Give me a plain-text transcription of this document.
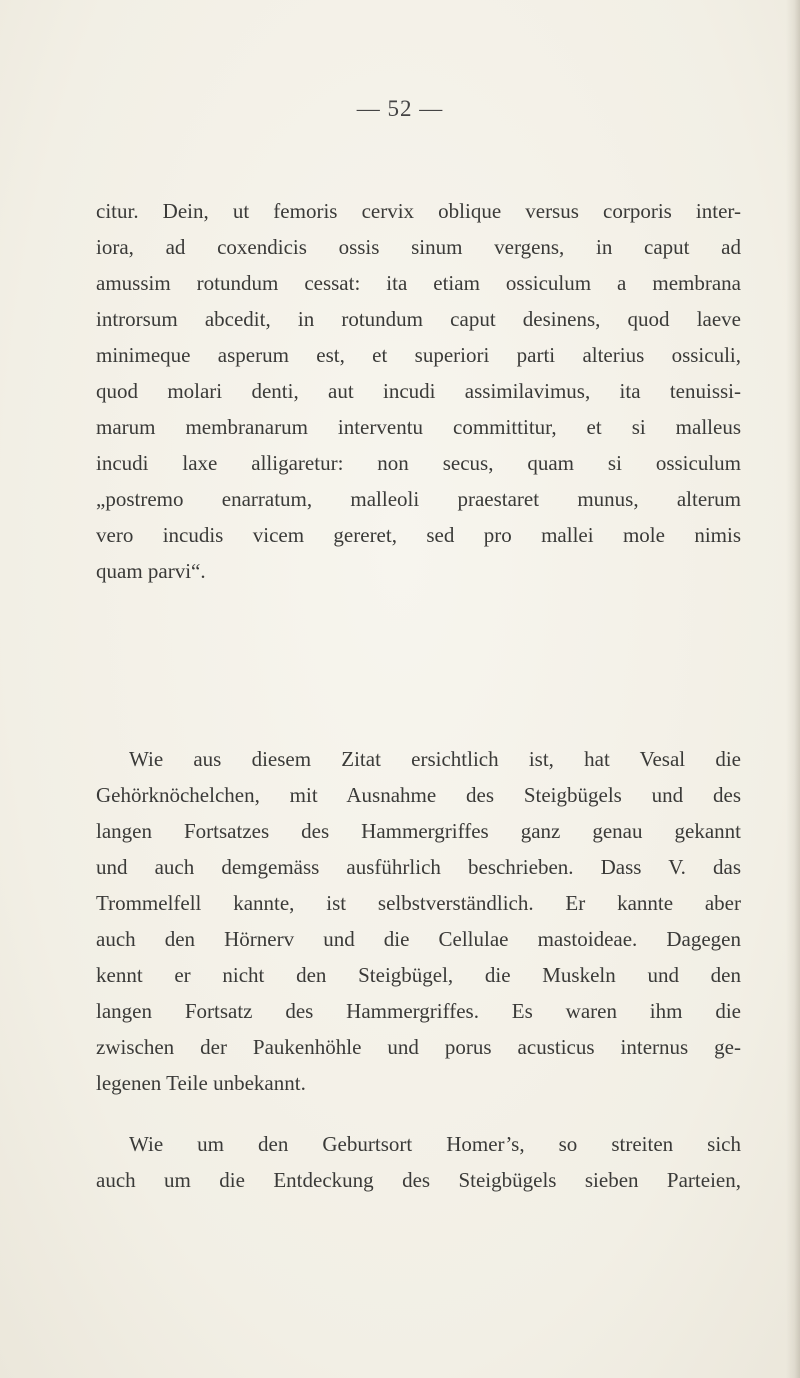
— 52 —
citur. Dein, ut femoris cervix oblique versus corporis inter-
iora, ad coxendicis ossis sinum vergens, in caput ad
amussim rotundum cessat: ita etiam ossiculum a membrana
introrsum abcedit, in rotundum caput desinens, quod laeve
minimeque asperum est, et superiori parti alterius ossiculi,
quod molari denti, aut incudi assimilavimus, ita tenuissi-
marum membranarum interventu committitur, et si malleus
incudi laxe alligaretur: non secus, quam si ossiculum
„postremo enarratum, malleoli praestaret munus, alterum
vero incudis vicem gereret, sed pro mallei mole nimis
quam parvi“.
Wie aus diesem Zitat ersichtlich ist, hat Vesal die
Gehörknöchelchen, mit Ausnahme des Steigbügels und des
langen Fortsatzes des Hammergriffes ganz genau gekannt
und auch demgemäss ausführlich beschrieben. Dass V. das
Trommelfell kannte, ist selbstverständlich. Er kannte aber
auch den Hörnerv und die Cellulae mastoideae. Dagegen
kennt er nicht den Steigbügel, die Muskeln und den
langen Fortsatz des Hammergriffes. Es waren ihm die
zwischen der Paukenhöhle und porus acusticus internus ge-
legenen Teile unbekannt.
Wie um den Geburtsort Homer’s, so streiten sich
auch um die Entdeckung des Steigbügels sieben Parteien,
